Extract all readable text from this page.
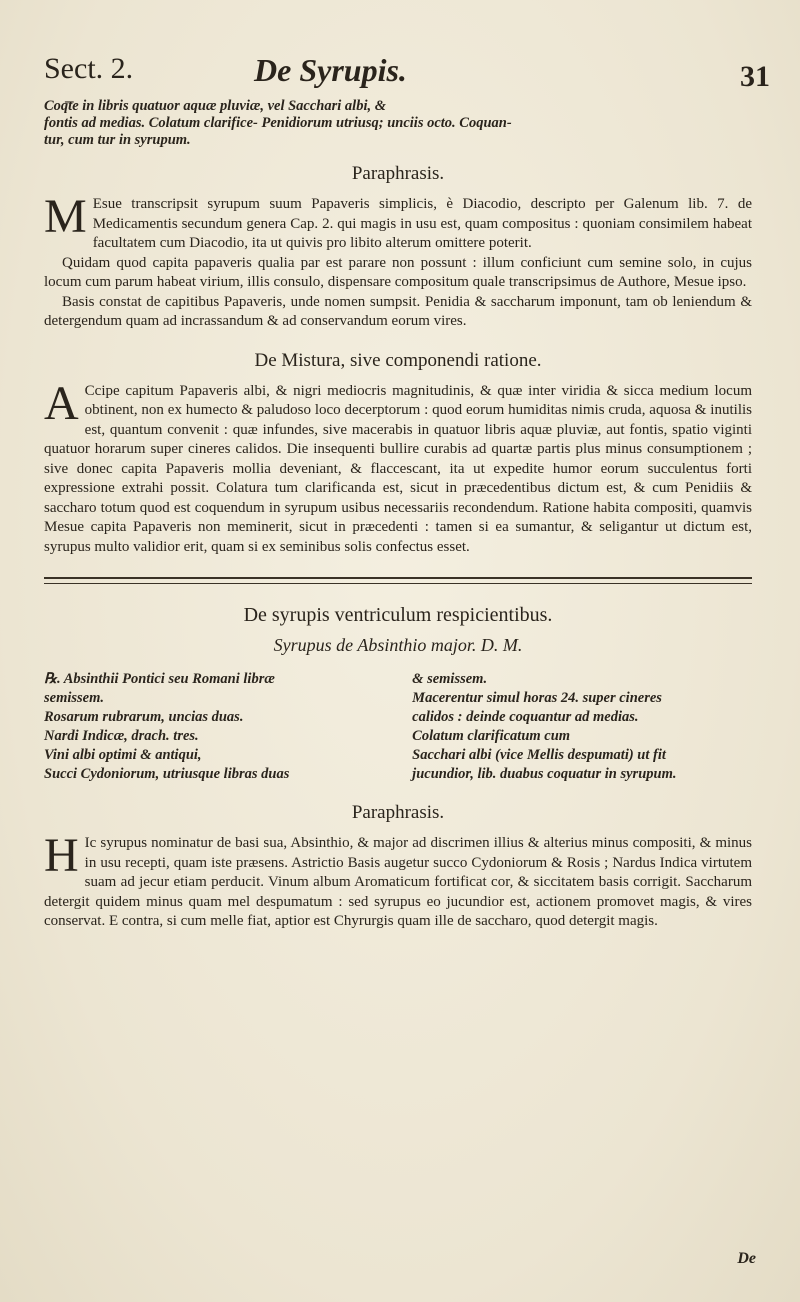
Sect. 2.	De Syrupis.	31
Coq͞te in libris quatuor aquæ pluviæ, vel Sacchari albi, &
fontis ad medias. Colatum clarifice- Penidiorum utriusq; unciis octo. Coquan-
tur, cum tur in syrupum.
Paraphrasis.

M Esue transcripsit syrupum suum Papaveris simplicis, è Diacodio, descripto per Galenum lib. 7. de Medicamentis secundum genera Cap. 2. qui magis in usu est, quam compositus : quoniam consimilem habeat facultatem cum Diacodio, ita ut quivis pro libito alterum omittere poterit.

Quidam quod capita papaveris qualia par est parare non possunt : illum conficiunt cum semine solo, in cujus locum cum parum habeat virium, illis consulo, dispensare compositum quale transcripsimus de Authore, Mesue ipso.

Basis constat de capitibus Papaveris, unde nomen sumpsit. Penidia & saccharum imponunt, tam ob leniendum & detergendum quam ad incrassandum & ad conservandum eorum vires.

De Mistura, sive componendi ratione.

A Ccipe capitum Papaveris albi, & nigri mediocris magnitudinis, & quæ inter viridia & sicca medium locum obtinent, non ex humecto & paludoso loco decerptorum : quod eorum humiditas nimis cruda, aquosa & inutilis est, quantum convenit : quæ infundes, sive macerabis in quatuor libris aquæ pluviæ, aut fontis, spatio viginti quatuor horarum super cineres calidos. Die insequenti bullire curabis ad quartæ partis plus minus consumptionem ; sive donec capita Papaveris mollia deveniant, & flaccescant, ita ut expedite humor eorum succulentus forti expressione extrahi possit. Colatura tum clarificanda est, sicut in præcedentibus dictum est, & cum Penidiis & saccharo totum quod est coquendum in syrupum usibus necessariis recondendum. Ratione habita compositi, quamvis Mesue capita Papaveris non meminerit, sicut in præcedenti : tamen si ea sumantur, & seligantur ut dictum est, syrupus multo validior erit, quam si ex seminibus solis confectus esset.

De syrupis ventriculum respicientibus.
Syrupus de Absinthio major. D. M.
℞. Absinthii Pontici seu Romani libræ
semissem.
Rosarum rubrarum, uncias duas.
Nardi Indicæ, drach. tres.
Vini albi optimi & antiqui,
Succi Cydoniorum, utriusque libras duas
& semissem.
Macerentur simul horas 24. super cineres
calidos : deinde coquantur ad medias.
Colatum clarificatum cum
Sacchari albi (vice Mellis despumati) ut fit
jucundior, lib. duabus coquatur in syrupum.
Paraphrasis.

H Ic syrupus nominatur de basi sua, Absinthio, & major ad discrimen illius & alterius minus compositi, & minus in usu recepti, quam iste præsens. Astrictio Basis augetur succo Cydoniorum & Rosis ; Nardus Indica virtutem suam ad jecur etiam perducit. Vinum album Aromaticum fortificat cor, & siccitatem basis corrigit. Saccharum detergit quidem minus quam mel despumatum : sed syrupus eo jucundior est, actionem promovet magis, & vires conservat. E contra, si cum melle fiat, aptior est Chyrurgis quam ille de saccharo, quod detergit magis.

De
